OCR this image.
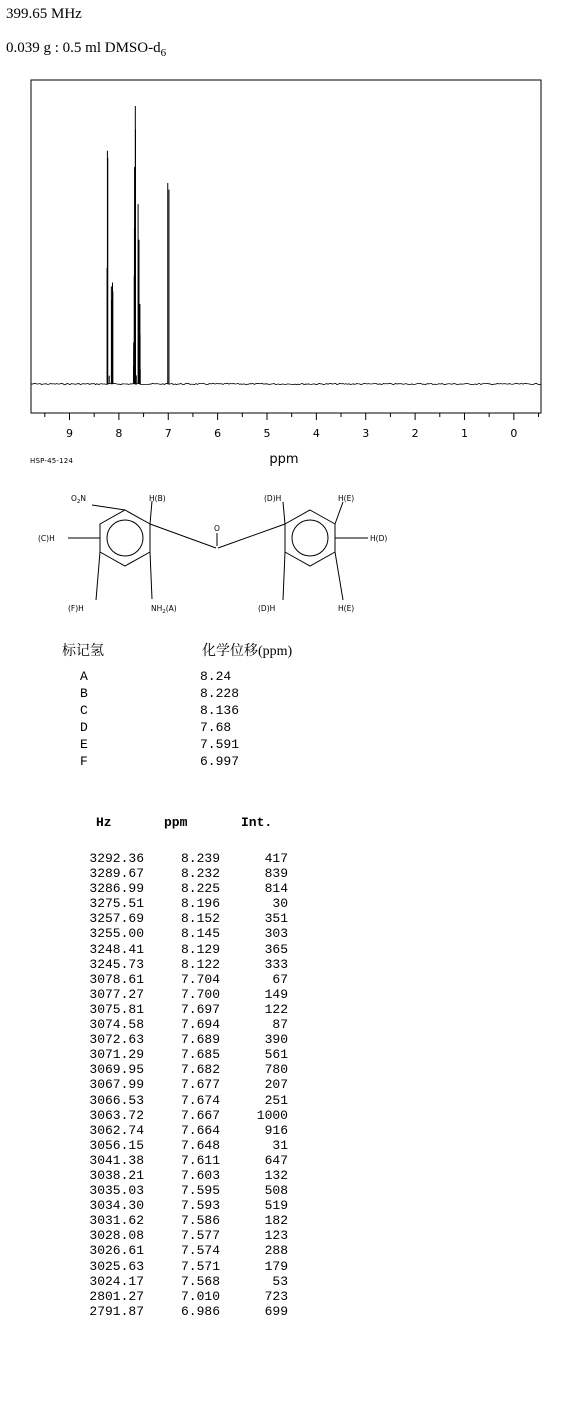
399.65 MHz
0.039 g : 0.5 ml DMSO-$d_6$
9	8	7	6	5	4	3	2	1	0
ppm
HSP-45-124
$O_2N$	H(B)
O
(D)H	H(E)
(C)H	H(D)
(F)H	$NH_2(A)$	(D)H	H(E)
标记氢	化学位移(ppm)
A	8.24
B	8.228
C	8.136
D	7.68
E	7.591
F	6.997
Hz	ppm	Int.
3292.36	8.239	417
3289.67	8.232	839
3286.99	8.225	814
3275.51	8.196	30
3257.69	8.152	351
3255.00	8.145	303
3248.41	8.129	365
3245.73	8.122	333
3078.61	7.704	67
3077.27	7.700	149
3075.81	7.697	122
3074.58	7.694	87
3072.63	7.689	390
3071.29	7.685	561
3069.95	7.682	780
3067.99	7.677	207
3066.53	7.674	251
3063.72	7.667	1000
3062.74	7.664	916
3056.15	7.648	31
3041.38	7.611	647
3038.21	7.603	132
3035.03	7.595	508
3034.30	7.593	519
3031.62	7.586	182
3028.08	7.577	123
3026.61	7.574	288
3025.63	7.571	179
3024.17	7.568	53
2801.27	7.010	723
2791.87	6.986	699
